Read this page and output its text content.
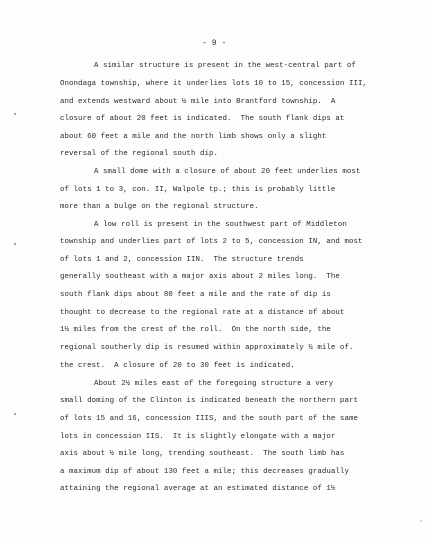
- 9 -
A similar structure is present in the west-central part of
Onondaga township, where it underlies lots 10 to 15, concession III,
and extends westward about ½ mile into Brantford township.  A
closure of about 20 feet is indicated.  The south flank dips at
about 60 feet a mile and the north limb shows only a slight
reversal of the regional south dip.
A small dome with a closure of about 20 feet underlies most
of lots 1 to 3, con. II, Walpole tp.; this is probably little
more than a bulge on the regional structure.
A low roll is present in the southwest part of Middleton
township and underlies part of lots 2 to 5, concession IN, and most
of lots 1 and 2, concession IIN.  The structure trends
generally southeast with a major axis about 2 miles long.  The
south flank dips about 80 feet a mile and the rate of dip is
thought to decrease to the regional rate at a distance of about
1½ miles from the crest of the roll.  On the north side, the
regional southerly dip is resumed within approximately ½ mile of.
the crest.  A closure of 20 to 30 feet is indicated.
About 2½ miles east of the foregoing structure a very
small doming of the Clinton is indicated beneath the northern part
of lots 15 and 16, concession IIIS, and the south part of the same
lots in concession IIS.  It is slightly elongate with a major
axis about ½ mile long, trending southeast.  The south limb has
a maximum dip of about 130 feet a mile; this decreases gradually
attaining the regional average at an estimated distance of 1½
